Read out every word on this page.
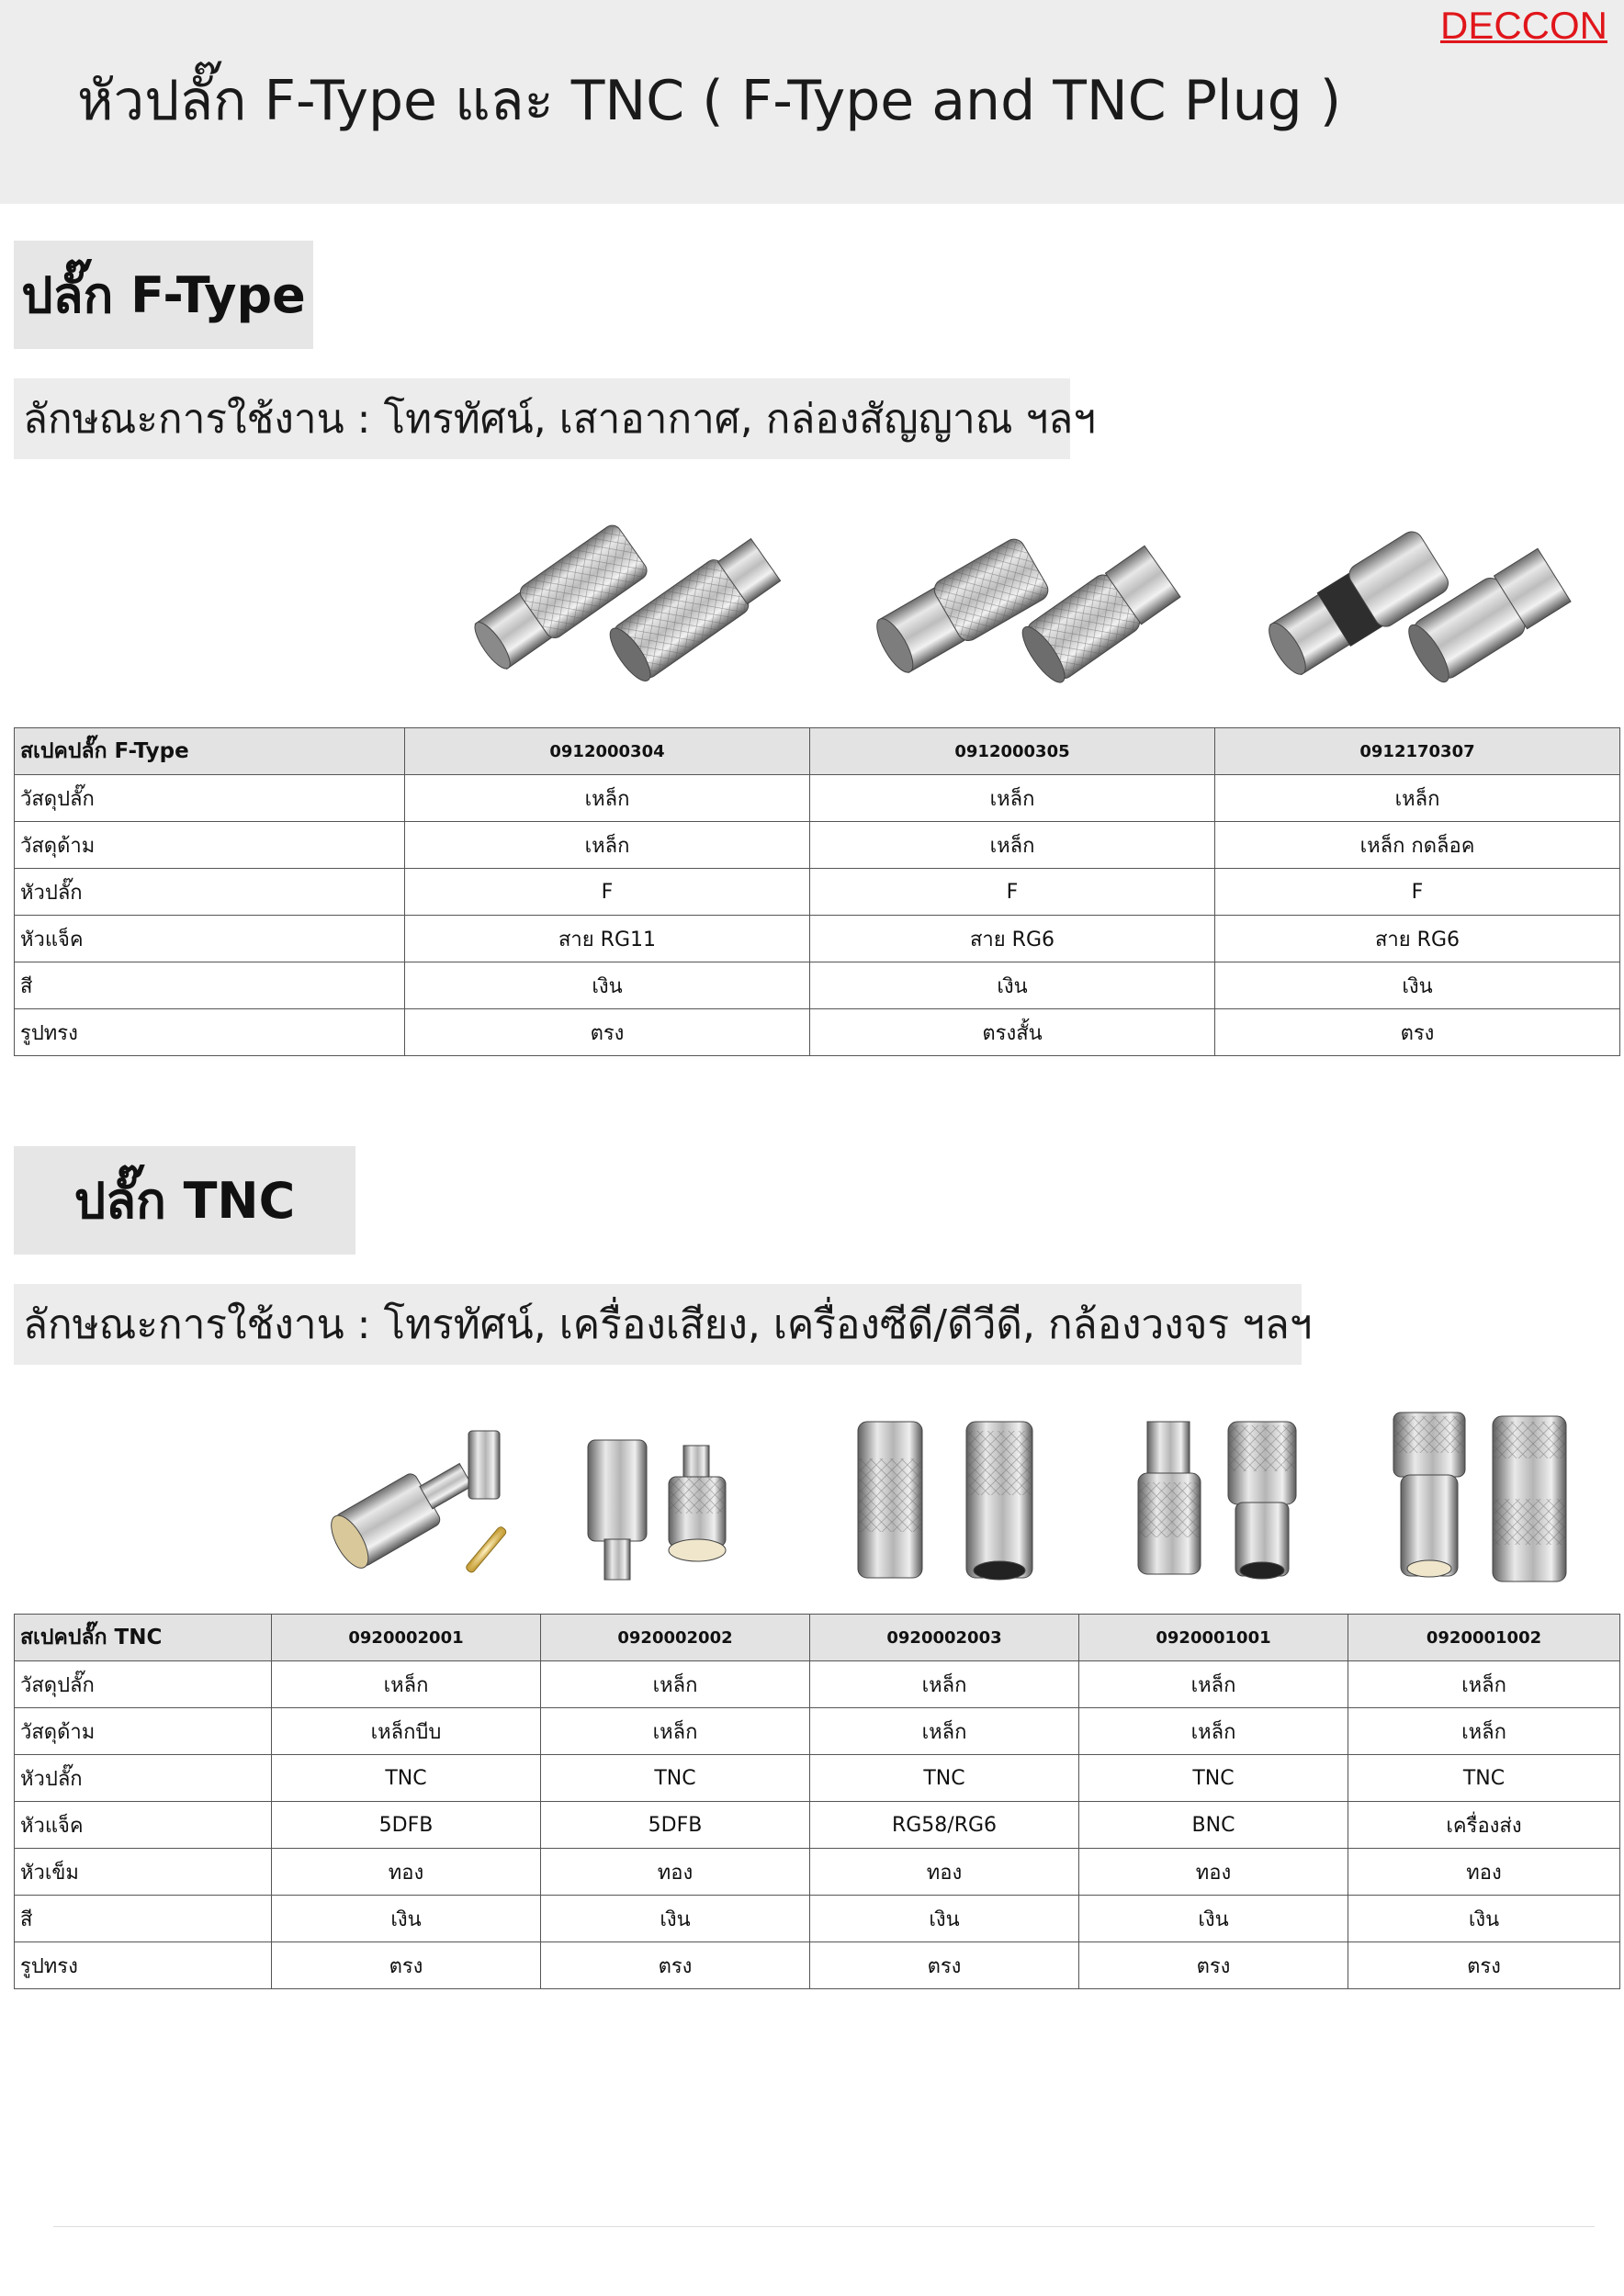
DECCON
หัวปลั๊ก F-Type และ TNC ( F-Type and TNC Plug )
ปลั๊ก F-Type
ลักษณะการใช้งาน : โทรทัศน์, เสาอากาศ, กล่องสัญญาณ ฯลฯ
สเปคปลั๊ก F-Type	0912000304	0912000305	0912170307
วัสดุปลั๊ก	เหล็ก	เหล็ก	เหล็ก
วัสดุด้าม	เหล็ก	เหล็ก	เหล็ก กดล็อค
หัวปลั๊ก	F	F	F
หัวแจ็ค	สาย RG11	สาย RG6	สาย RG6
สี	เงิน	เงิน	เงิน
รูปทรง	ตรง	ตรงสั้น	ตรง
ปลั๊ก TNC
ลักษณะการใช้งาน : โทรทัศน์, เครื่องเสียง, เครื่องซีดี/ดีวีดี, กล้องวงจร ฯลฯ
สเปคปลั๊ก TNC	0920002001	0920002002	0920002003	0920001001	0920001002
วัสดุปลั๊ก	เหล็ก	เหล็ก	เหล็ก	เหล็ก	เหล็ก
วัสดุด้าม	เหล็กบีบ	เหล็ก	เหล็ก	เหล็ก	เหล็ก
หัวปลั๊ก	TNC	TNC	TNC	TNC	TNC
หัวแจ็ค	5DFB	5DFB	RG58/RG6	BNC	เครื่องส่ง
หัวเข็ม	ทอง	ทอง	ทอง	ทอง	ทอง
สี	เงิน	เงิน	เงิน	เงิน	เงิน
รูปทรง	ตรง	ตรง	ตรง	ตรง	ตรง
